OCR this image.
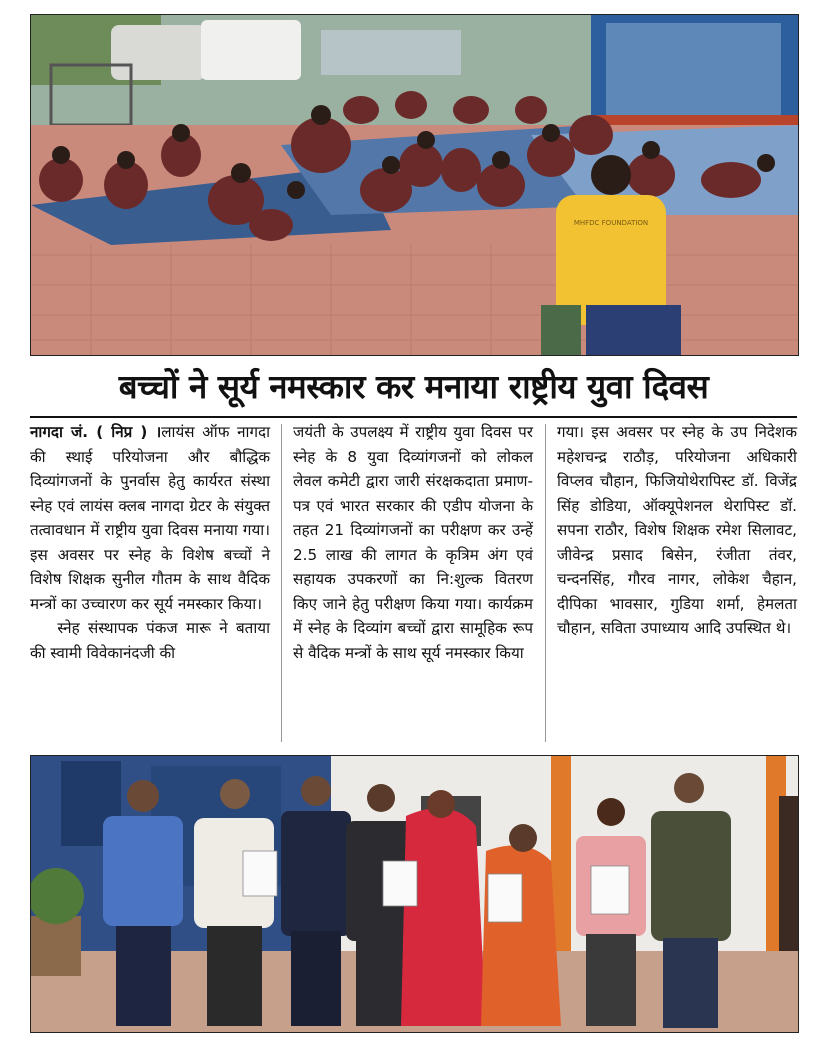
MHFDC FOUNDATION
बच्चों ने सूर्य नमस्कार कर मनाया राष्ट्रीय युवा दिवस

नागदा जं. ( निप्र ) ।लायंस ऑफ नागदा की स्थाई परियोजना और बौद्धिक दिव्यांगजनों के पुनर्वास हेतु कार्यरत संस्था स्नेह एवं लायंस क्लब नागदा ग्रेटर के संयुक्त तत्वावधान में राष्ट्रीय युवा दिवस मनाया गया। इस अवसर पर स्नेह के विशेष बच्चों ने विशेष शिक्षक सुनील गौतम के साथ वैदिक मन्त्रों का उच्चारण कर सूर्य नमस्कार किया।

स्नेह संस्थापक पंकज मारू ने बताया की स्वामी विवेकानंदजी की

जयंती के उपलक्ष्य में राष्ट्रीय युवा दिवस पर स्नेह के 8 युवा दिव्यांगजनों को लोकल लेवल कमेटी द्वारा जारी संरक्षकदाता प्रमाण-पत्र एवं भारत सरकार की एडीप योजना के तहत 21 दिव्यांगजनों का परीक्षण कर उन्हें 2.5 लाख की लागत के कृत्रिम अंग एवं सहायक उपकरणों का नि:शुल्क वितरण किए जाने हेतु परीक्षण किया गया। कार्यक्रम में स्नेह के दिव्यांग बच्चों द्वारा सामूहिक रूप से वैदिक मन्त्रों के साथ सूर्य नमस्कार किया

गया। इस अवसर पर स्नेह के उप निदेशक महेशचन्द्र राठौड़, परियोजना अधिकारी विप्लव चौहान, फिजियोथेरापिस्ट डॉ. विजेंद्र सिंह डोडिया, ऑक्यूपेशनल थेरापिस्ट डॉ. सपना राठौर, विशेष शिक्षक रमेश सिलावट, जीवेन्द्र प्रसाद बिसेन, रंजीता तंवर, चन्दनसिंह, गौरव नागर, लोकेश चैहान, दीपिका भावसार, गुडिया शर्मा, हेमलता चौहान, सविता उपाध्याय आदि उपस्थित थे।
